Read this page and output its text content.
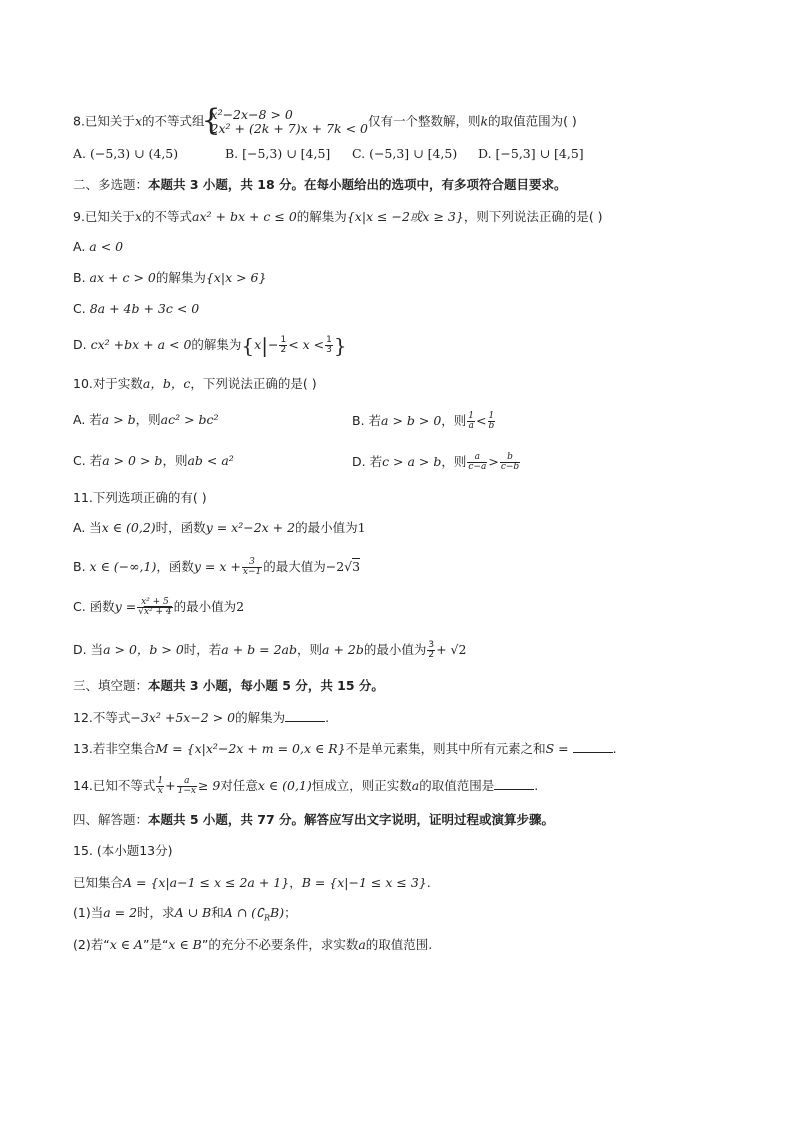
8.已知关于x的不等式组
{ x²−2x−8 > 0
2x² + (2k + 7)x + 7k < 0 仅有一个整数解，则k的取值范围为( )
A. (−5,3) ∪ (4,5)	B. [−5,3) ∪ [4,5] C. (−5,3] ∪ [4,5) D. [−5,3] ∪ [4,5]
二、多选题：本题共 3 小题，共 18 分。在每小题给出的选项中，有多项符合题目要求。
9.已知关于x的不等式ax² + bx + c ≤ 0的解集为{x|x ≤ −2或x ≥ 3}，则下列说法正确的是( )
A. a < 0
B. ax + c > 0的解集为{x|x > 6}
C. 8a + 4b + 3c < 0
D. cx² +bx + a < 0的解集为{$x|- \frac{1}{2} < x < \frac{1}{3}$ }
10.对于实数a，b，c，下列说法正确的是( )
A. 若a > b，则ac² > bc²	B. 若a > b > 0，则 $\frac{1}{a} < \frac{1}{b}$
C. 若a > 0 > b，则ab < a²	D. 若c > a > b，则 $\frac{a}{c-a} > \frac{b}{c-b}$
11.下列选项正确的有( )
A. 当x ∈ (0,2)时，函数y = x²−2x + 2的最小值为1
B. x ∈ (−∞,1)，函数$y = x + \frac{3}{x-1}$ 的最大值为−2√3
C. 函数$y = \frac{\text{x² + 5}}{\text{√x² + 4}}$ 的最小值为2
D. 当a > 0，b > 0时，若a + b = 2ab，则a + 2b的最小值为 $\frac{3}{2} + √2$
三、填空题：本题共 3 小题，每小题 5 分，共 15 分。
12.不等式−3x² +5x−2 > 0的解集为	.
13.若非空集合M = {x|x²−2x + m = 0,x ∈ R}不是单元素集，则其中所有元素之和S =	.
14.已知不等式 $\frac{1}{x} + \frac{a}{1-x} \ge 9$对任意x ∈ (0,1)恒成立，则正实数a的取值范围是	.
四、解答题：本题共 5 小题，共 77 分。解答应写出文字说明，证明过程或演算步骤。
15. (本小题13分)
已知集合A = {x|a−1 ≤ x ≤ 2a + 1}，B = {x|−1 ≤ x ≤ 3}.
(1)当a = 2时，求A ∪ B和A ∩ $(∁_RB)$；
(2)若“x ∈ A”是“x ∈ B”的充分不必要条件，求实数a的取值范围.
